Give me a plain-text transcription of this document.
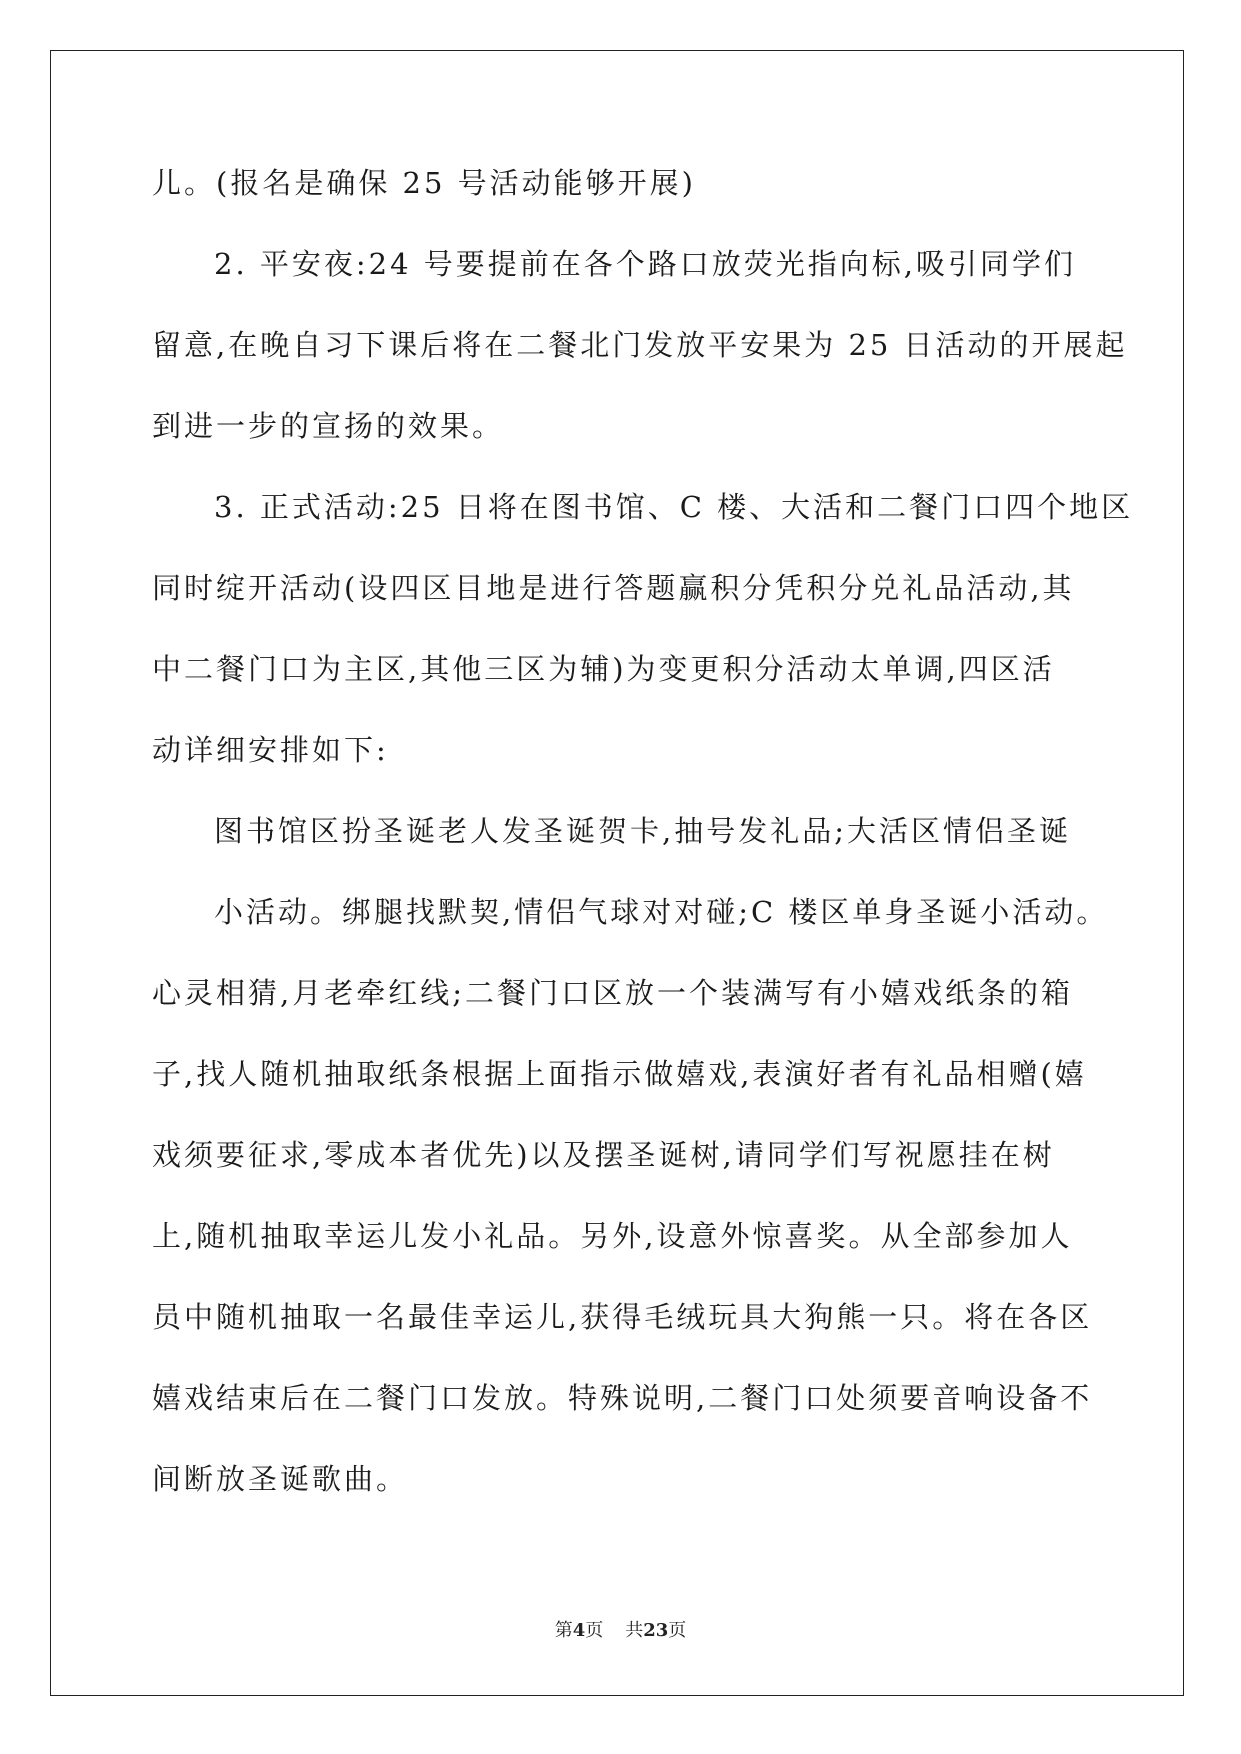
儿。(报名是确保 25 号活动能够开展)
2. 平安夜:24 号要提前在各个路口放荧光指向标,吸引同学们
留意,在晚自习下课后将在二餐北门发放平安果为 25 日活动的开展起
到进一步的宣扬的效果。
3. 正式活动:25 日将在图书馆、C 楼、大活和二餐门口四个地区
同时绽开活动(设四区目地是进行答题赢积分凭积分兑礼品活动,其
中二餐门口为主区,其他三区为辅)为变更积分活动太单调,四区活
动详细安排如下:
图书馆区扮圣诞老人发圣诞贺卡,抽号发礼品;大活区情侣圣诞
小活动。绑腿找默契,情侣气球对对碰;C 楼区单身圣诞小活动。
心灵相猜,月老牵红线;二餐门口区放一个装满写有小嬉戏纸条的箱
子,找人随机抽取纸条根据上面指示做嬉戏,表演好者有礼品相赠(嬉
戏须要征求,零成本者优先)以及摆圣诞树,请同学们写祝愿挂在树
上,随机抽取幸运儿发小礼品。另外,设意外惊喜奖。从全部参加人
员中随机抽取一名最佳幸运儿,获得毛绒玩具大狗熊一只。将在各区
嬉戏结束后在二餐门口发放。特殊说明,二餐门口处须要音响设备不
间断放圣诞歌曲。
第4页 共23页
